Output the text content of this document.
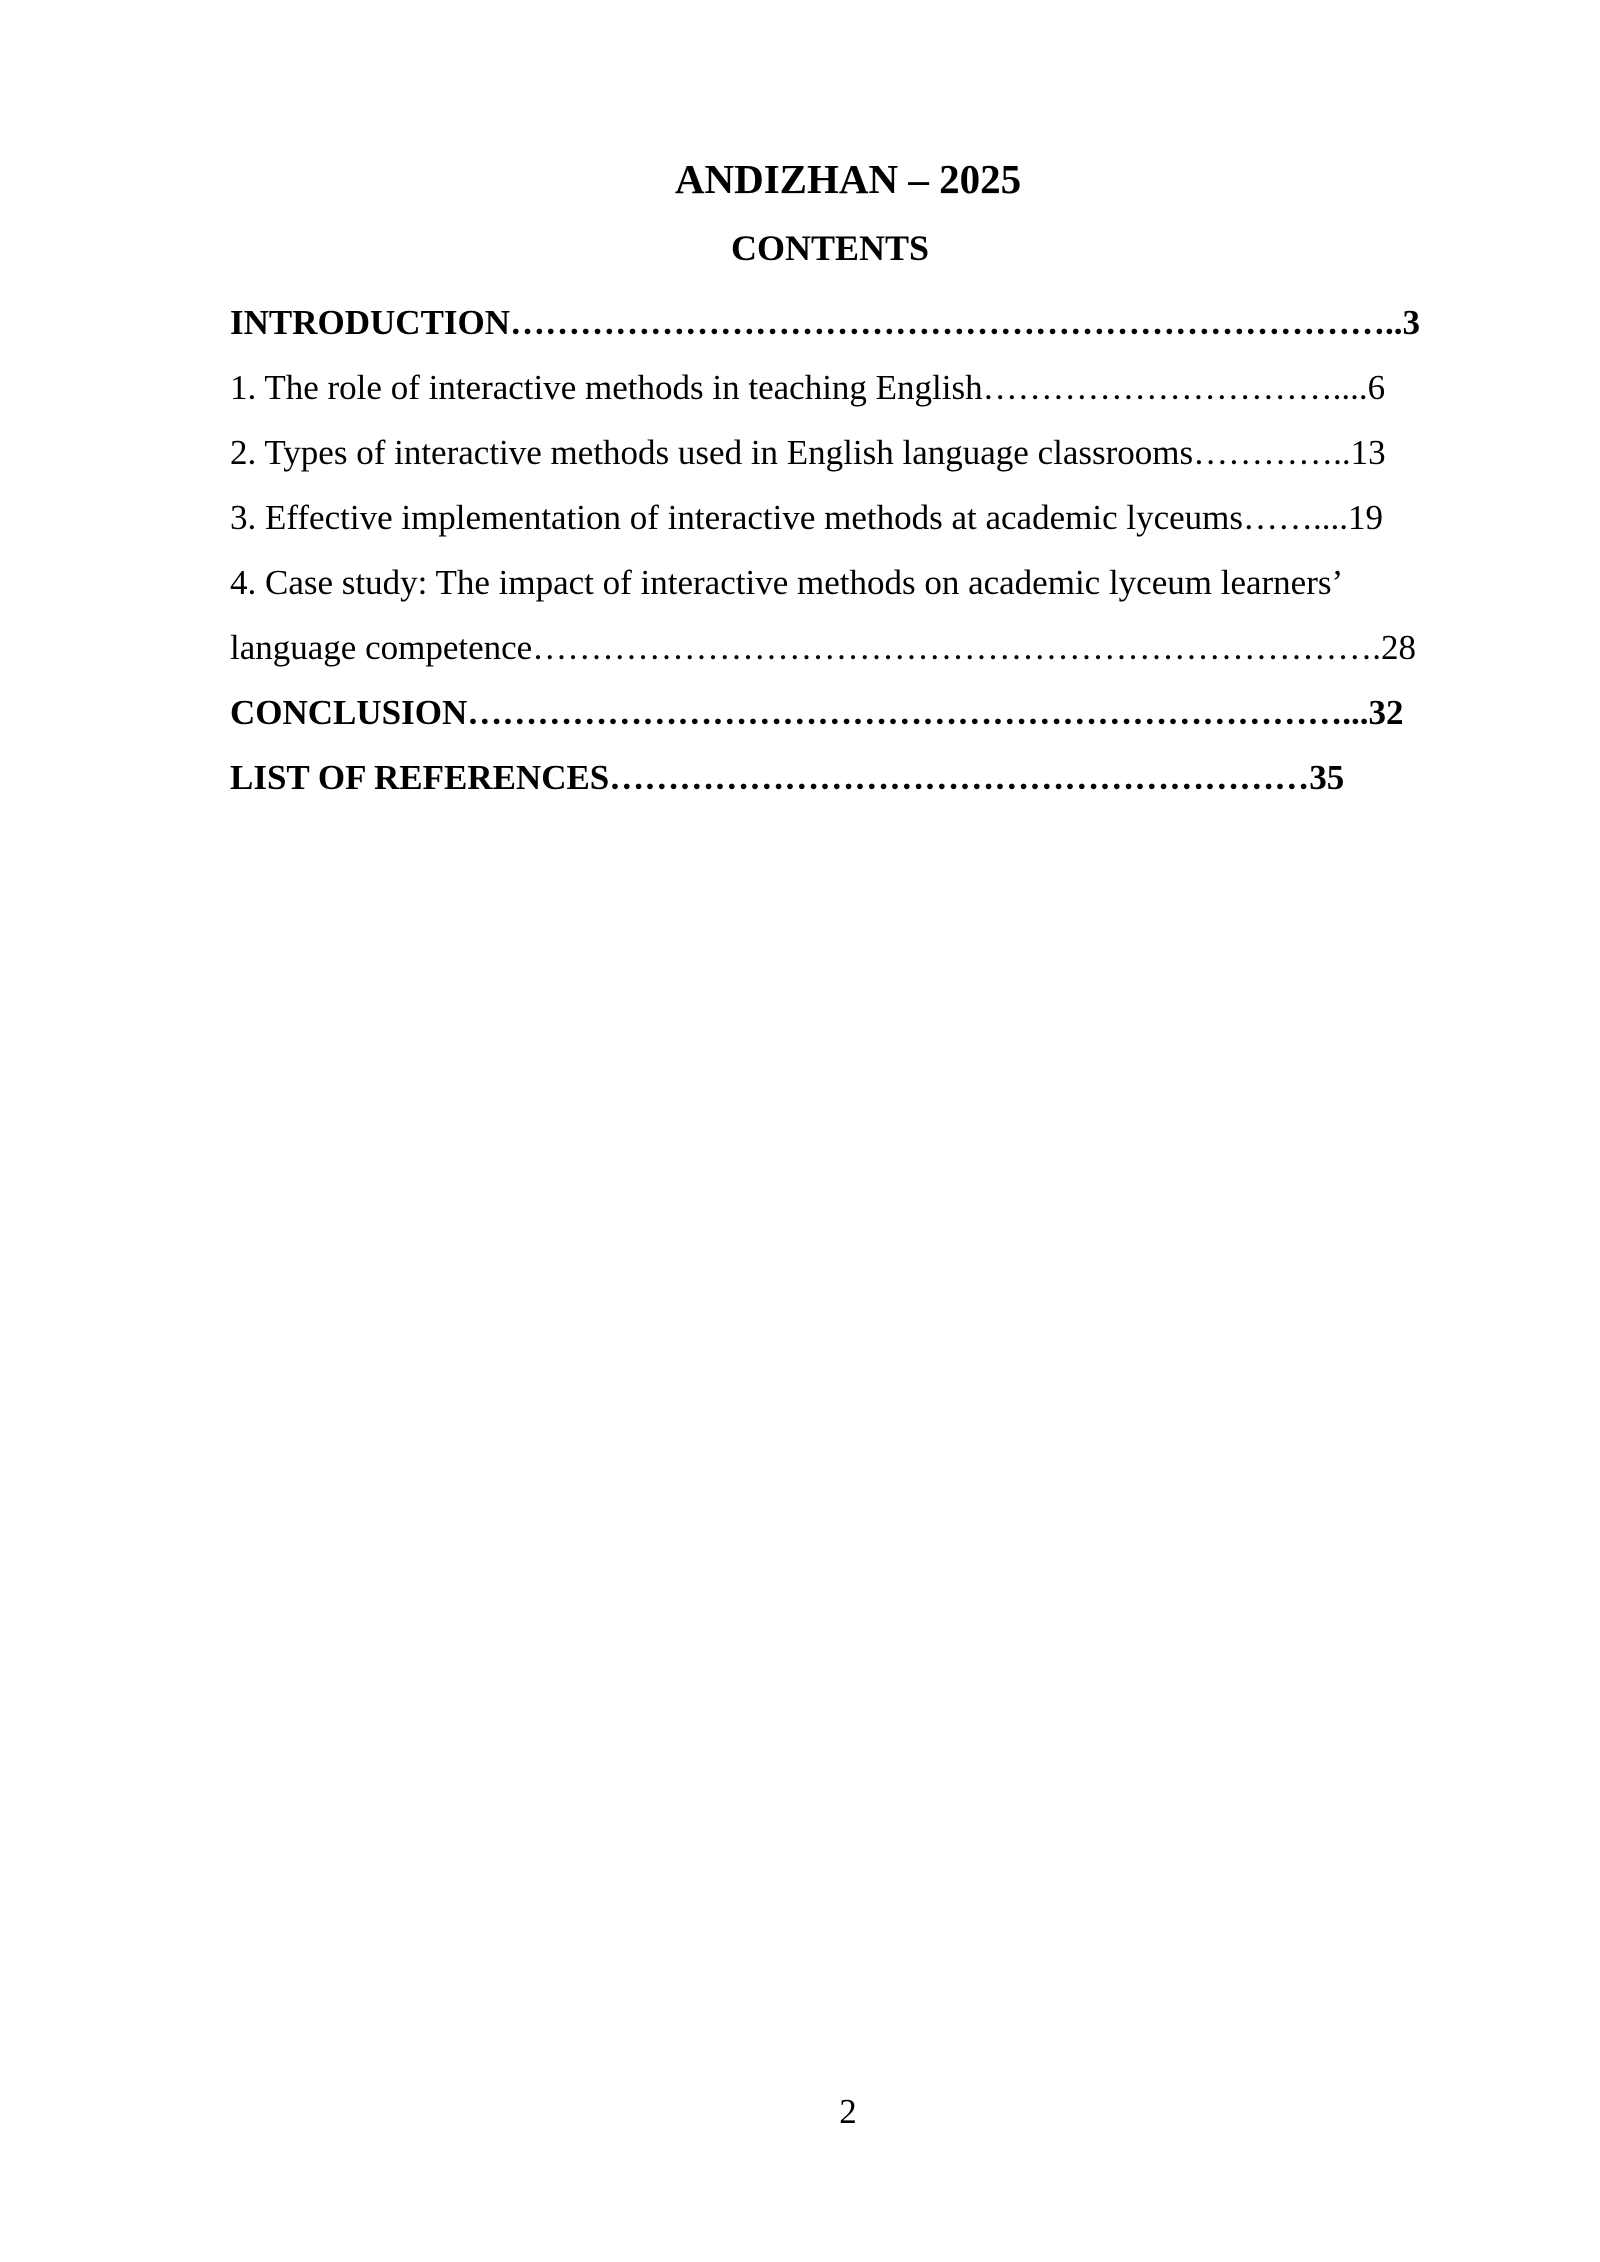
ANDIZHAN – 2025
CONTENTS
INTRODUCTION…………………………………………………………………..3
1. The role of interactive methods in teaching English…………………………....6
2. Types of interactive methods used in English language classrooms…………..13
3. Effective implementation of interactive methods at academic lyceums……....19
4. Case study: The impact of interactive methods on academic lyceum learners’
language competence……………………………………………………………….28
CONCLUSION…………………………………………………………………...32
LIST OF REFERENCES……………………………………………………35
2
